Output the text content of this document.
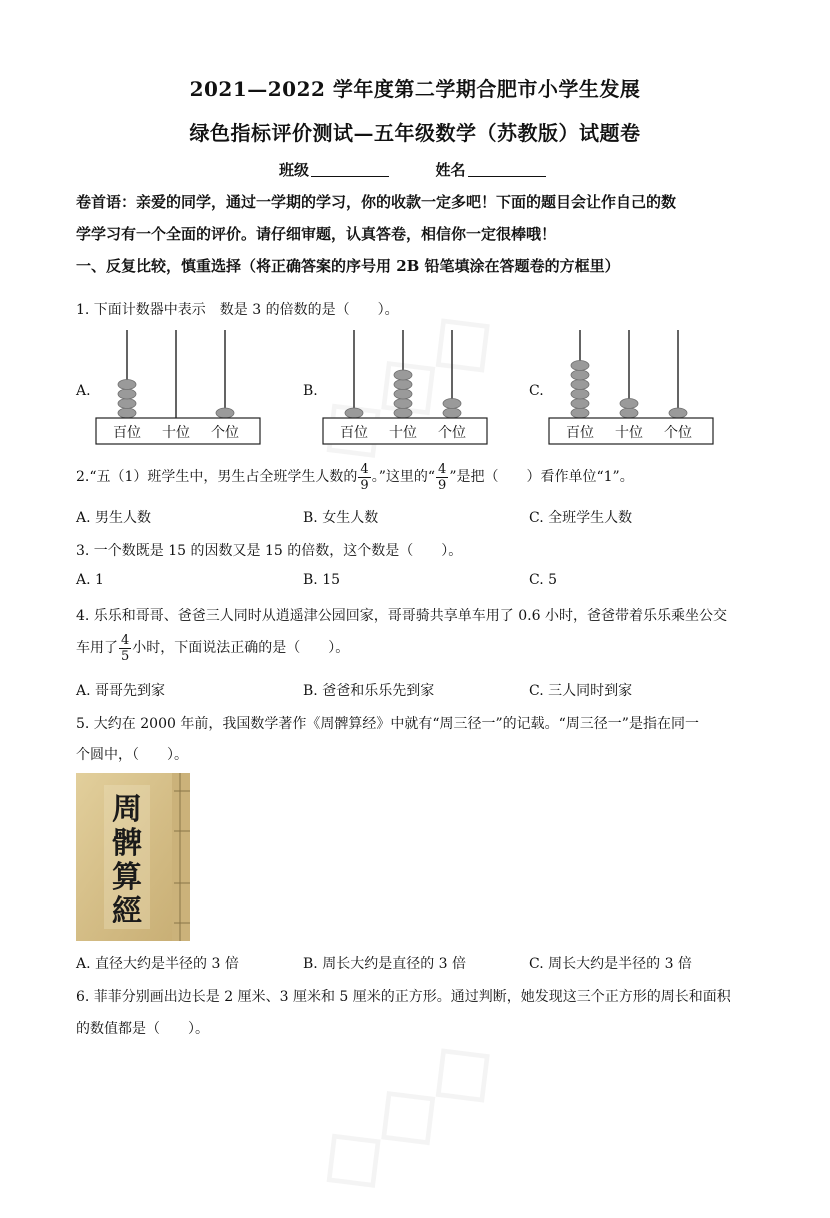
2021—2022 学年度第二学期合肥市小学生发展
绿色指标评价测试—五年级数学（苏教版）试题卷
班级	姓名
卷首语：亲爱的同学，通过一学期的学习，你的收款一定多吧！下面的题目会让作自己的数
学学习有一个全面的评价。请仔细审题，认真答卷，相信你一定很棒哦！
一、反复比较，慎重选择（将正确答案的序号用 2B 铅笔填涂在答题卷的方框里）
1. 下面计数器中表示　数是 3 的倍数的是（　　）。
A.
百位 十位 个位
B.
百位 十位 个位
C.
百位 十位 个位
2.“五（1）班学生中，男生占全班学生人数的 $\frac{4}{9}$ 。”这里的“ $\frac{4}{9}$ ”是把（　　）看作单位“1”。
A. 男生人数	B. 女生人数	C. 全班学生人数
3. 一个数既是 15 的因数又是 15 的倍数，这个数是（　　）。
A. 1	B. 15	C. 5
4. 乐乐和哥哥、爸爸三人同时从逍遥津公园回家，哥哥骑共享单车用了 0.6 小时，爸爸带着乐乐乘坐公交
车用了 $\frac{4}{5}$ 小时，下面说法正确的是（　　）。
A. 哥哥先到家	B. 爸爸和乐乐先到家	C. 三人同时到家
5. 大约在 2000 年前，我国数学著作《周髀算经》中就有“周三径一”的记载。“周三径一”是指在同一
个圆中，（　　）。
周
髀
算
經
A. 直径大约是半径的 3 倍	B. 周长大约是直径的 3 倍	C. 周长大约是半径的 3 倍
6. 菲菲分别画出边长是 2 厘米、3 厘米和 5 厘米的正方形。通过判断，她发现这三个正方形的周长和面积
的数值都是（　　）。
